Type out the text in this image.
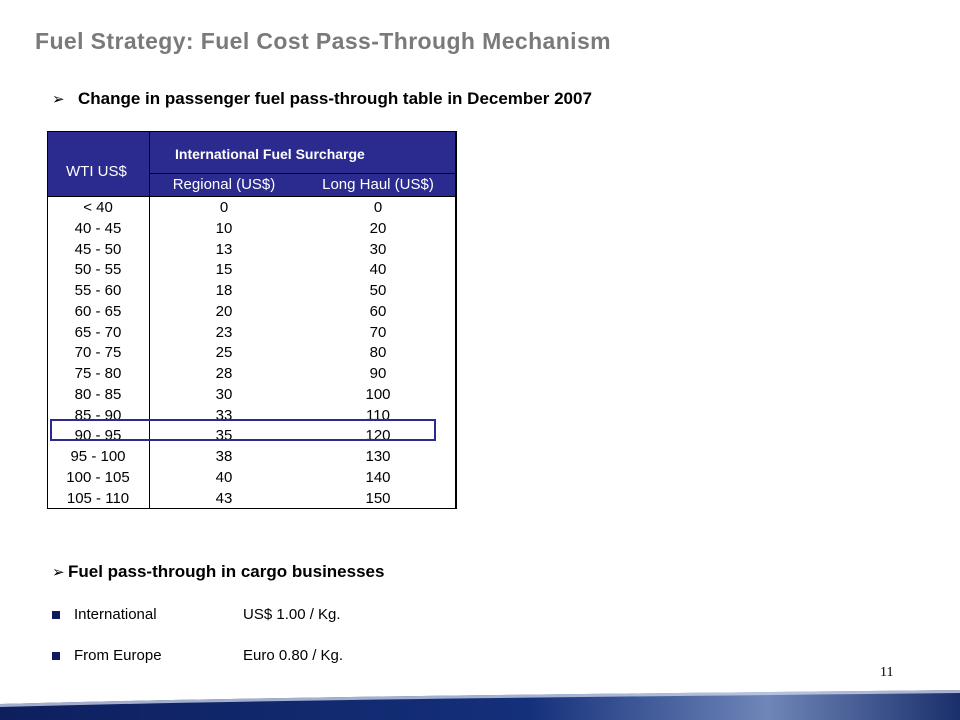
Fuel Strategy: Fuel Cost Pass-Through Mechanism
➢ Change in passenger fuel pass-through table in December 2007
International Fuel Surcharge
WTI US$
Regional (US$)	Long Haul (US$)
< 40	0	0
40 - 45	10	20
45 - 50	13	30
50 - 55	15	40
55 - 60	18	50
60 - 65	20	60
65 - 70	23	70
70 - 75	25	80
75 - 80	28	90
80 - 85	30	100
85 - 90	33	110
90 - 95	35	120
95 - 100	38	130
100 - 105	40	140
105 - 110	43	150
➢ Fuel pass-through in cargo businesses
International	US$ 1.00 / Kg.
From Europe	Euro 0.80 / Kg.
11
